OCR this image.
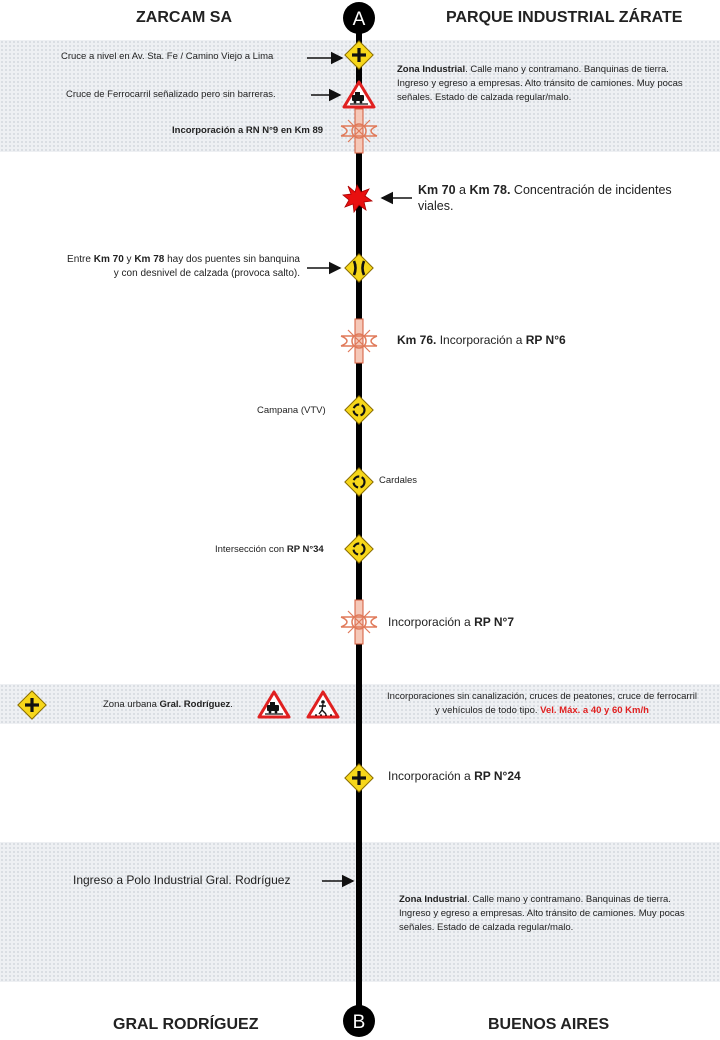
ZARCAM SA	PARQUE INDUSTRIAL ZÁRATE
GRAL RODRÍGUEZ	BUENOS AIRES
A
B
Cruce a nivel en Av. Sta. Fe / Camino Viejo a Lima
Cruce de Ferrocarril señalizado pero sin barreras.
Incorporación a RN N°9 en Km 89
Zona Industrial. Calle mano y contramano. Banquinas de tierra. Ingreso y egreso a empresas. Alto tránsito de camiones. Muy pocas señales. Estado de calzada regular/malo.
Km 70 a Km 78. Concentración de incidentes viales.
Entre Km 70 y Km 78 hay dos puentes sin banquina
y con desnivel de calzada (provoca salto).
Km 76. Incorporación a RP N°6
Campana (VTV)
Cardales
Intersección con RP N°34
Incorporación a RP N°7
Zona urbana Gral. Rodríguez.
Incorporaciones sin canalización, cruces de peatones, cruce de ferrocarril y vehículos de todo tipo. Vel. Máx. a 40 y 60 Km/h
Incorporación a RP N°24
Ingreso a Polo Industrial Gral. Rodríguez
Zona Industrial. Calle mano y contramano. Banquinas de tierra. Ingreso y egreso a empresas. Alto tránsito de camiones. Muy pocas señales. Estado de calzada regular/malo.
